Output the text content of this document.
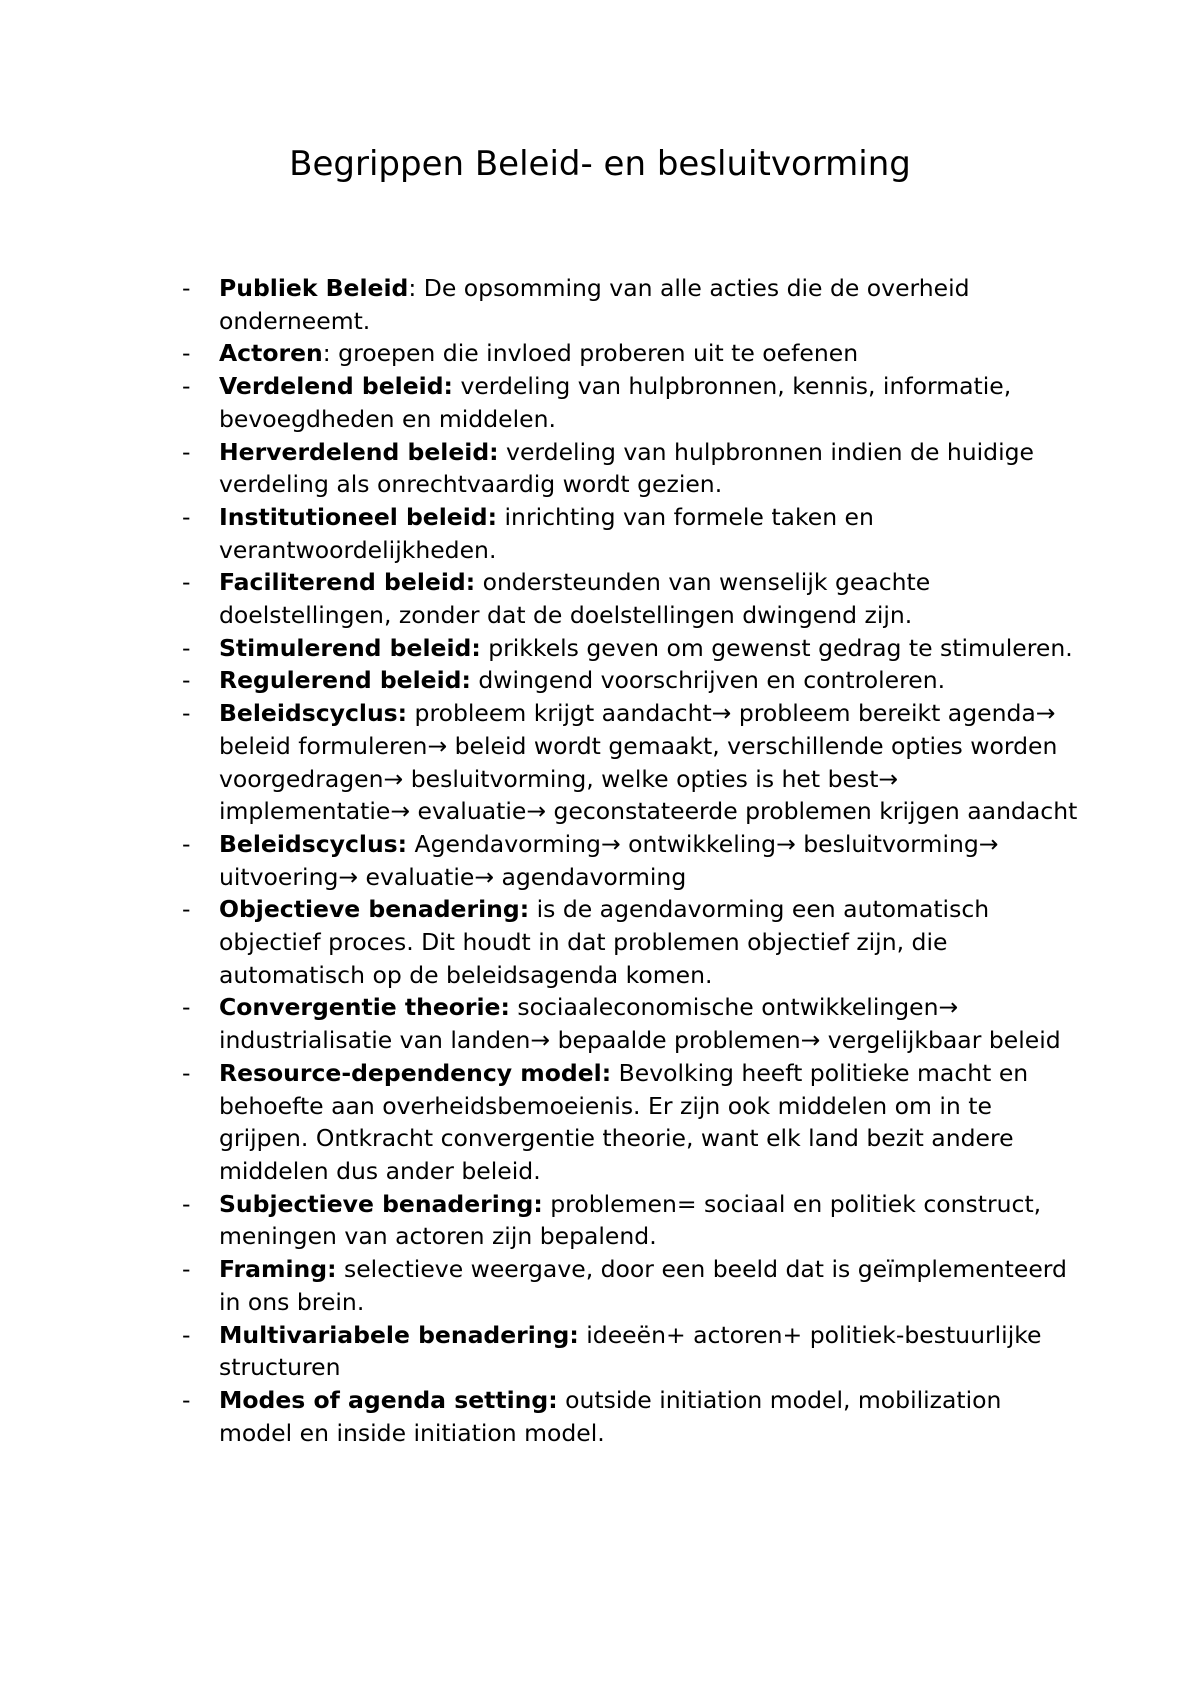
Begrippen Beleid- en besluitvorming
- Publiek Beleid: De opsomming van alle acties die de overheid onderneemt.
- Actoren: groepen die invloed proberen uit te oefenen
- Verdelend beleid: verdeling van hulpbronnen, kennis, informatie, bevoegdheden en middelen.
- Herverdelend beleid: verdeling van hulpbronnen indien de huidige verdeling als onrechtvaardig wordt gezien.
- Institutioneel beleid: inrichting van formele taken en verantwoordelijkheden.
- Faciliterend beleid: ondersteunden van wenselijk geachte doelstellingen, zonder dat de doelstellingen dwingend zijn.
- Stimulerend beleid: prikkels geven om gewenst gedrag te stimuleren.
- Regulerend beleid: dwingend voorschrijven en controleren.
- Beleidscyclus: probleem krijgt aandacht→ probleem bereikt agenda→ beleid formuleren→ beleid wordt gemaakt, verschillende opties worden voorgedragen→ besluitvorming, welke opties is het best→ implementatie→ evaluatie→ geconstateerde problemen krijgen aandacht
- Beleidscyclus: Agendavorming→ ontwikkeling→ besluitvorming→ uitvoering→ evaluatie→ agendavorming
- Objectieve benadering: is de agendavorming een automatisch objectief proces. Dit houdt in dat problemen objectief zijn, die automatisch op de beleidsagenda komen.
- Convergentie theorie: sociaaleconomische ontwikkelingen→ industrialisatie van landen→ bepaalde problemen→ vergelijkbaar beleid
- Resource-dependency model: Bevolking heeft politieke macht en behoefte aan overheidsbemoeienis. Er zijn ook middelen om in te grijpen. Ontkracht convergentie theorie, want elk land bezit andere middelen dus ander beleid.
- Subjectieve benadering: problemen= sociaal en politiek construct, meningen van actoren zijn bepalend.
- Framing: selectieve weergave, door een beeld dat is geïmplementeerd in ons brein.
- Multivariabele benadering: ideeën+ actoren+ politiek-bestuurlijke structuren
- Modes of agenda setting: outside initiation model, mobilization model en inside initiation model.
